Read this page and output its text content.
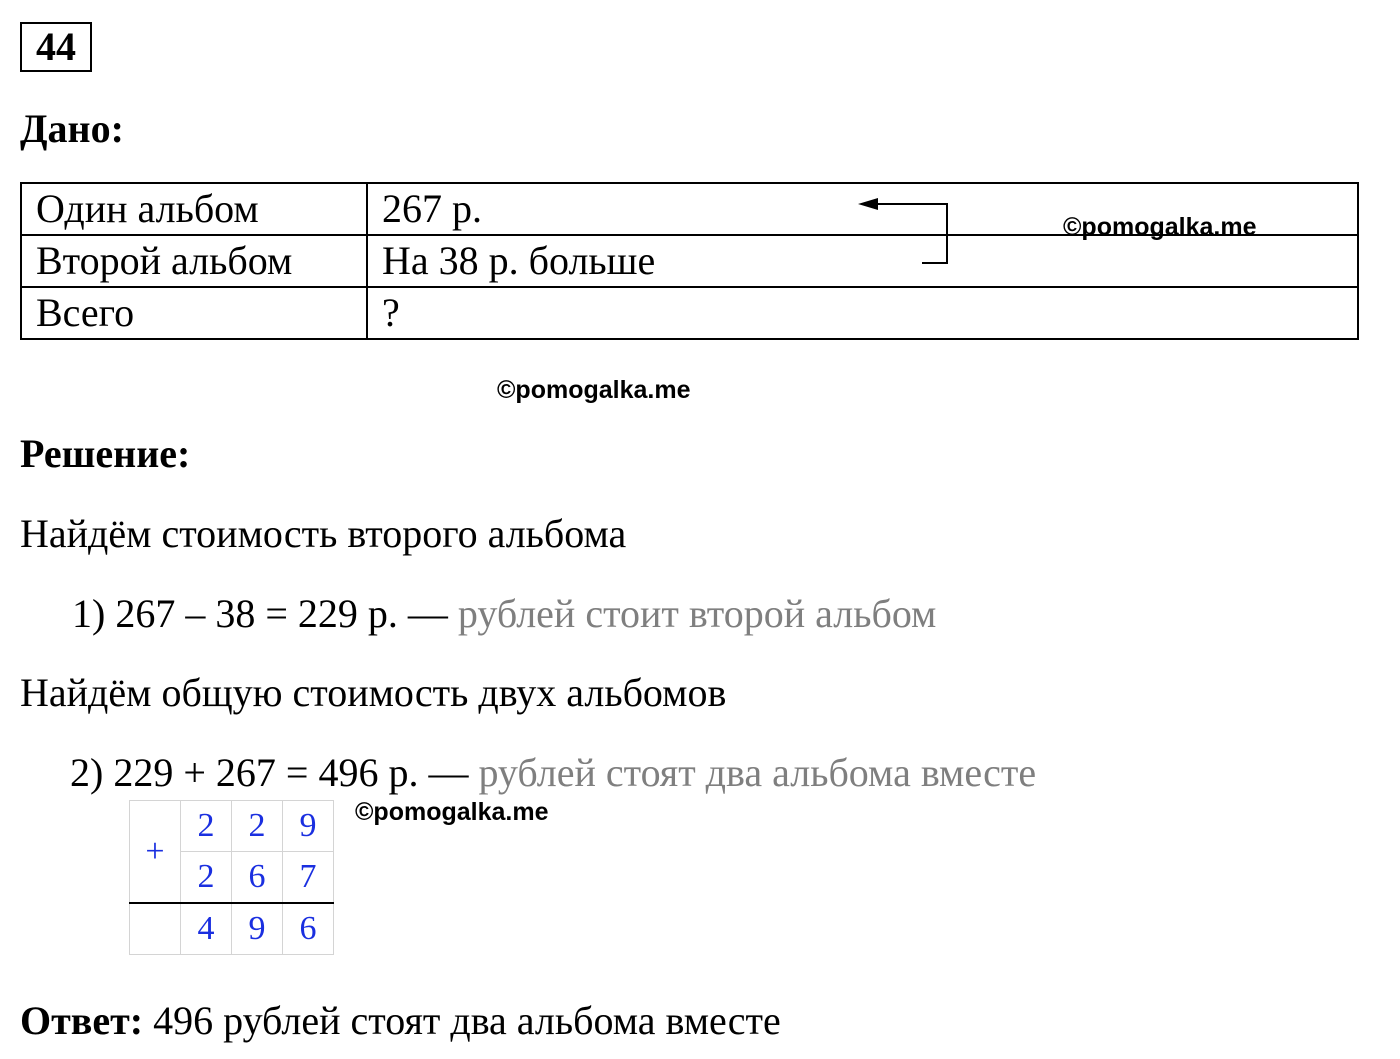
44
Дано:
Один альбом	267 р.
Второй альбом	На 38 р. больше
Всего	?
©pomogalka.me
©pomogalka.me
Решение:
Найдём стоимость второго альбома
1) 267 – 38 = 229 р. — рублей стоит второй альбом
Найдём общую стоимость двух альбомов
2) 229 + 267 = 496 р. — рублей стоят два альбома вместе
+	2	2	9
	2	6	7
	4	9	6
©pomogalka.me
Ответ: 496 рублей стоят два альбома вместе
